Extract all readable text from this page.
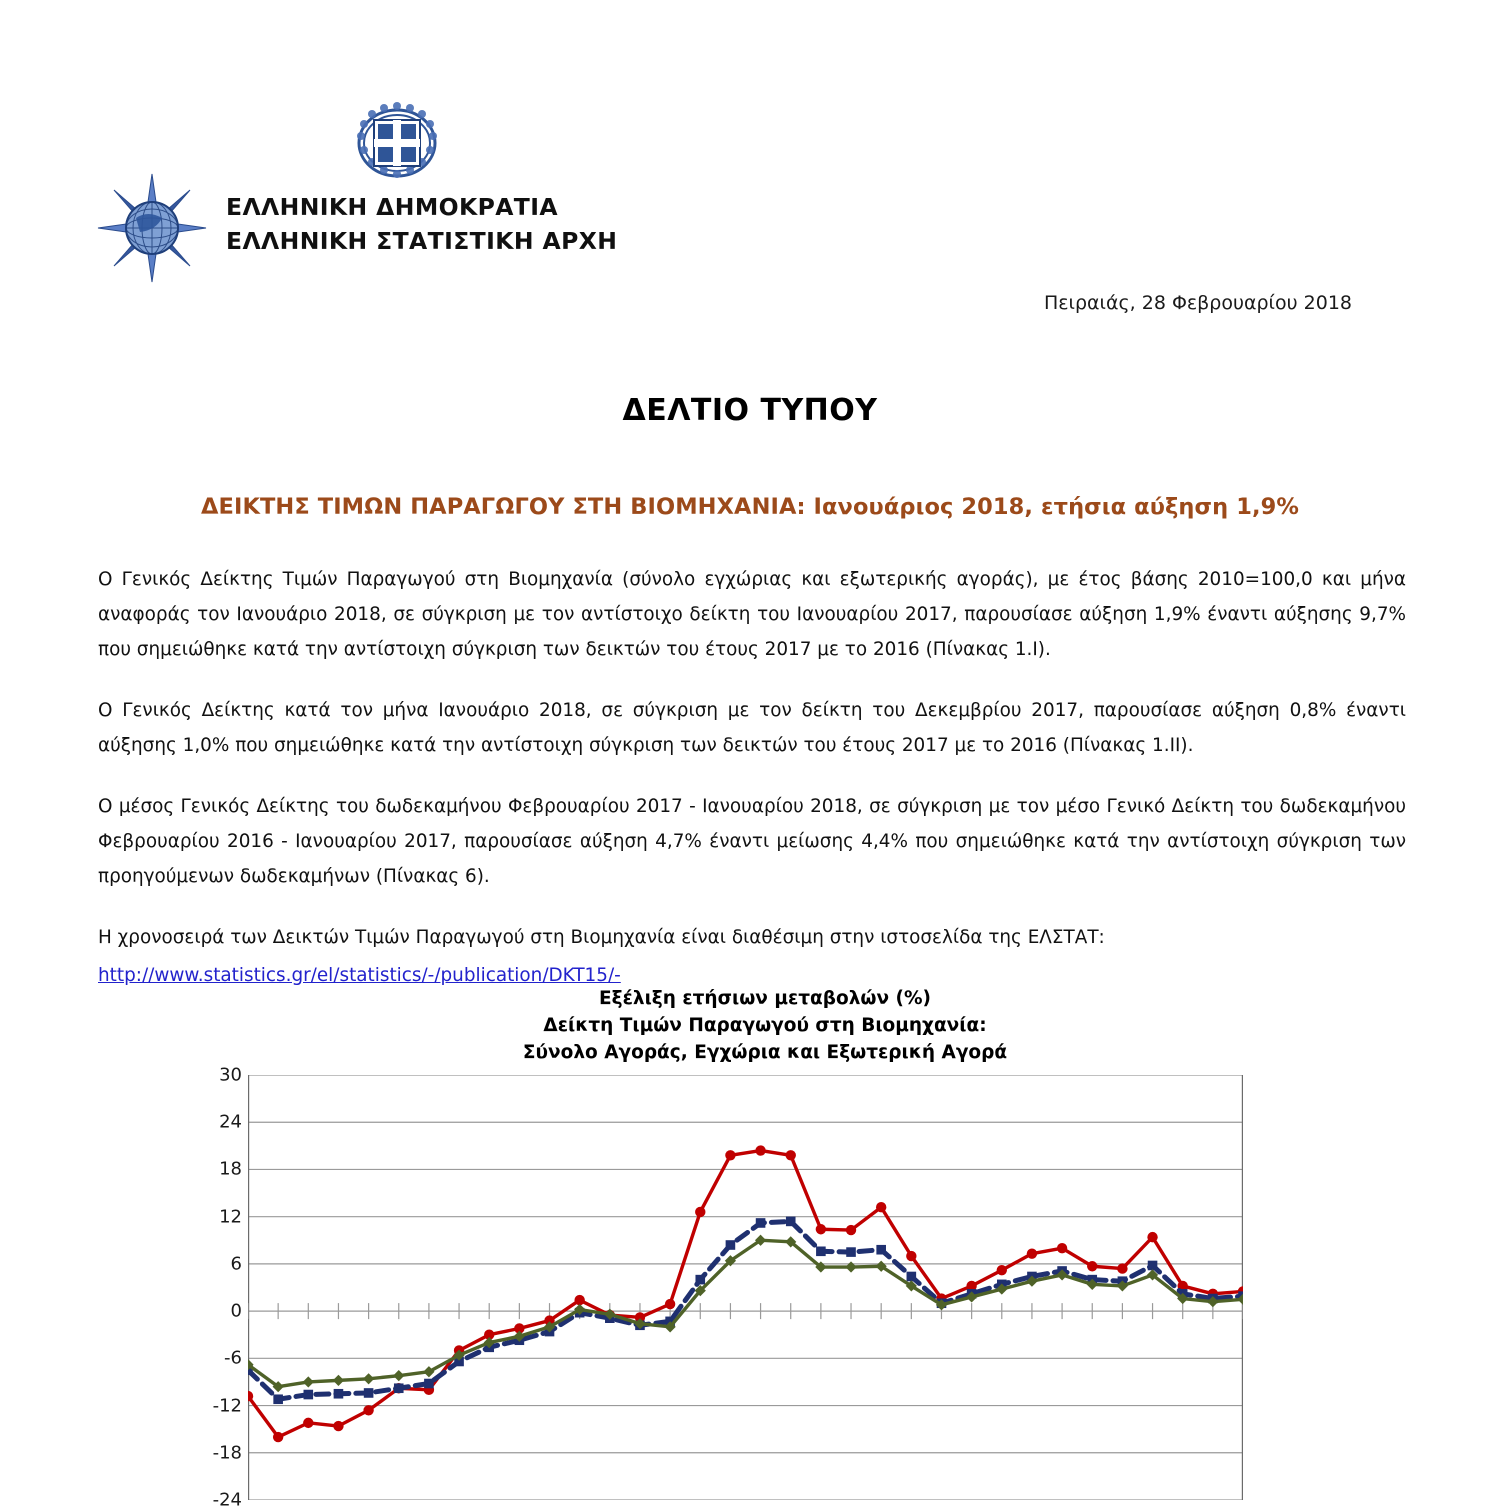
ΕΛΛΗΝΙΚΗ ΔΗΜΟΚΡΑΤΙΑ
ΕΛΛΗΝΙΚΗ ΣΤΑΤΙΣΤΙΚΗ ΑΡΧΗ
Πειραιάς, 28 Φεβρουαρίου 2018
ΔΕΛΤΙΟ ΤΥΠΟΥ
ΔΕΙΚΤΗΣ ΤΙΜΩΝ ΠΑΡΑΓΩΓΟΥ ΣΤΗ ΒΙΟΜΗΧΑΝΙΑ: Ιανουάριος 2018, ετήσια αύξηση 1,9%

Ο Γενικός Δείκτης Τιμών Παραγωγού στη Βιομηχανία (σύνολο εγχώριας και εξωτερικής αγοράς), με έτος βάσης 2010=100,0 και μήνα αναφοράς τον Ιανουάριο 2018, σε σύγκριση με τον αντίστοιχο δείκτη του Ιανουαρίου 2017, παρουσίασε αύξηση 1,9% έναντι αύξησης 9,7% που σημειώθηκε κατά την αντίστοιχη σύγκριση των δεικτών του έτους 2017 με το 2016 (Πίνακας 1.Ι).

Ο Γενικός Δείκτης κατά τον μήνα Ιανουάριο 2018, σε σύγκριση με τον δείκτη του Δεκεμβρίου 2017, παρουσίασε αύξηση 0,8% έναντι αύξησης 1,0% που σημειώθηκε κατά την αντίστοιχη σύγκριση των δεικτών του έτους 2017 με το 2016 (Πίνακας 1.ΙΙ).

Ο μέσος Γενικός Δείκτης του δωδεκαμήνου Φεβρουαρίου 2017 - Ιανουαρίου 2018, σε σύγκριση με τον μέσο Γενικό Δείκτη του δωδεκαμήνου Φεβρουαρίου 2016 - Ιανουαρίου 2017, παρουσίασε αύξηση 4,7% έναντι μείωσης 4,4% που σημειώθηκε κατά την αντίστοιχη σύγκριση των προηγούμενων δωδεκαμήνων (Πίνακας 6).

Η χρονοσειρά των Δεικτών Τιμών Παραγωγού στη Βιομηχανία είναι διαθέσιμη στην ιστοσελίδα της ΕΛΣΤΑΤ:

http://www.statistics.gr/el/statistics/-/publication/DKT15/-
Εξέλιξη ετήσιων μεταβολών (%)
Δείκτη Τιμών Παραγωγού στη Βιομηχανία:
Σύνολο Αγοράς, Εγχώρια και Εξωτερική Αγορά
30
24
18
12
6
0
-6
-12
-18
-24
